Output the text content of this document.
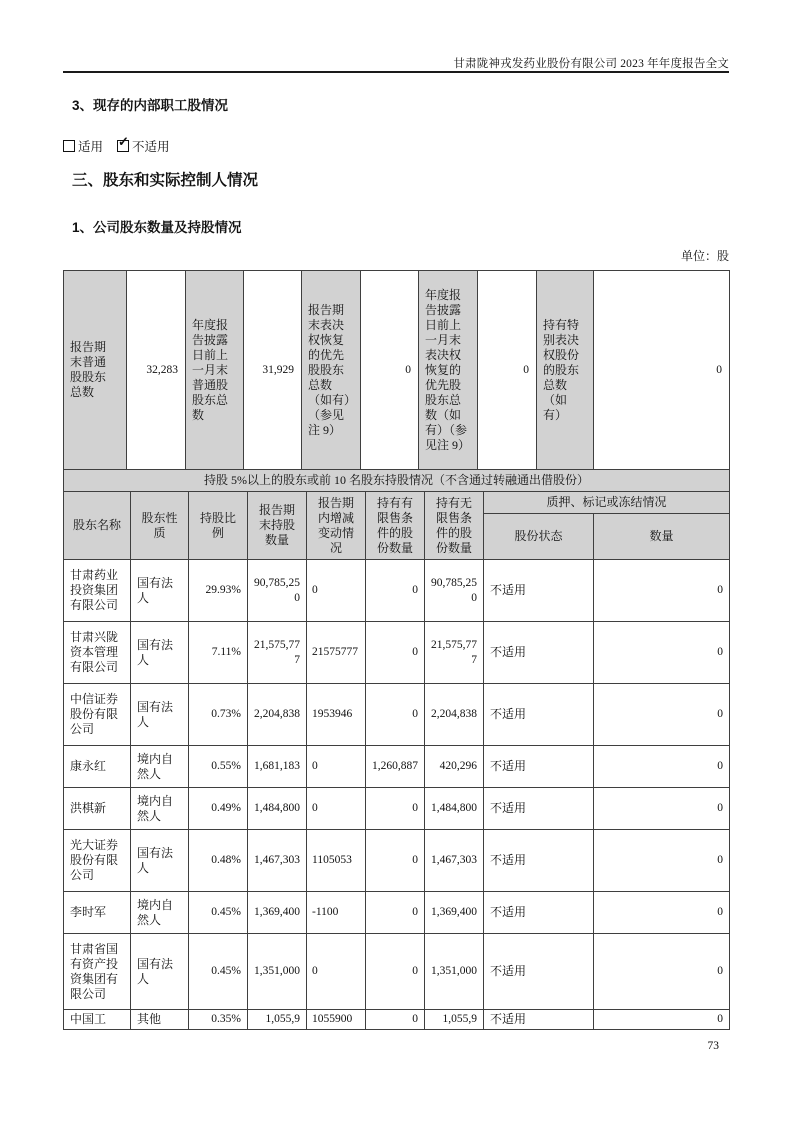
甘肃陇神戎发药业股份有限公司 2023 年年度报告全文
3、现存的内部职工股情况
适用 ✓ 不适用
三、股东和实际控制人情况
1、公司股东数量及持股情况
单位：股
报告期末普通股股东总数	32,283	年度报告披露日前上一月末普通股股东总数	31,929	报告期末表决权恢复的优先股股东总数（如有）（参见注 9）	0	年度报告披露日前上一月末表决权恢复的优先股股东总数（如有）（参见注 9）	0	持有特别表决权股份的股东总数（如有）	0
持股 5%以上的股东或前 10 名股东持股情况（不含通过转融通出借股份）								
股东名称	股东性质	持股比例	报告期末持股数量	报告期内增减变动情况	持有有限售条件的股份数量	持有无限售条件的股份数量	质押、标记或冻结情况	
							股份状态	数量

甘肃药业投资集团有限公司	国有法人	29.93%	90,785,250	0	0	90,785,250	不适用	0

甘肃兴陇资本管理有限公司	国有法人	7.11%	21,575,777	21575777	0	21,575,777	不适用	0

中信证券股份有限公司	国有法人	0.73%	2,204,838	1953946	0	2,204,838	不适用	0

康永红	境内自然人	0.55%	1,681,183	0	1,260,887	420,296	不适用	0

洪棋新	境内自然人	0.49%	1,484,800	0	0	1,484,800	不适用	0

光大证券股份有限公司	国有法人	0.48%	1,467,303	1105053	0	1,467,303	不适用	0

李时军	境内自然人	0.45%	1,369,400	-1100	0	1,369,400	不适用	0

甘肃省国有资产投资集团有限公司	国有法人	0.45%	1,351,000	0	0	1,351,000	不适用	0

中国工	其他	0.35%	1,055,9	1055900	0	1,055,9	不适用	0
73
